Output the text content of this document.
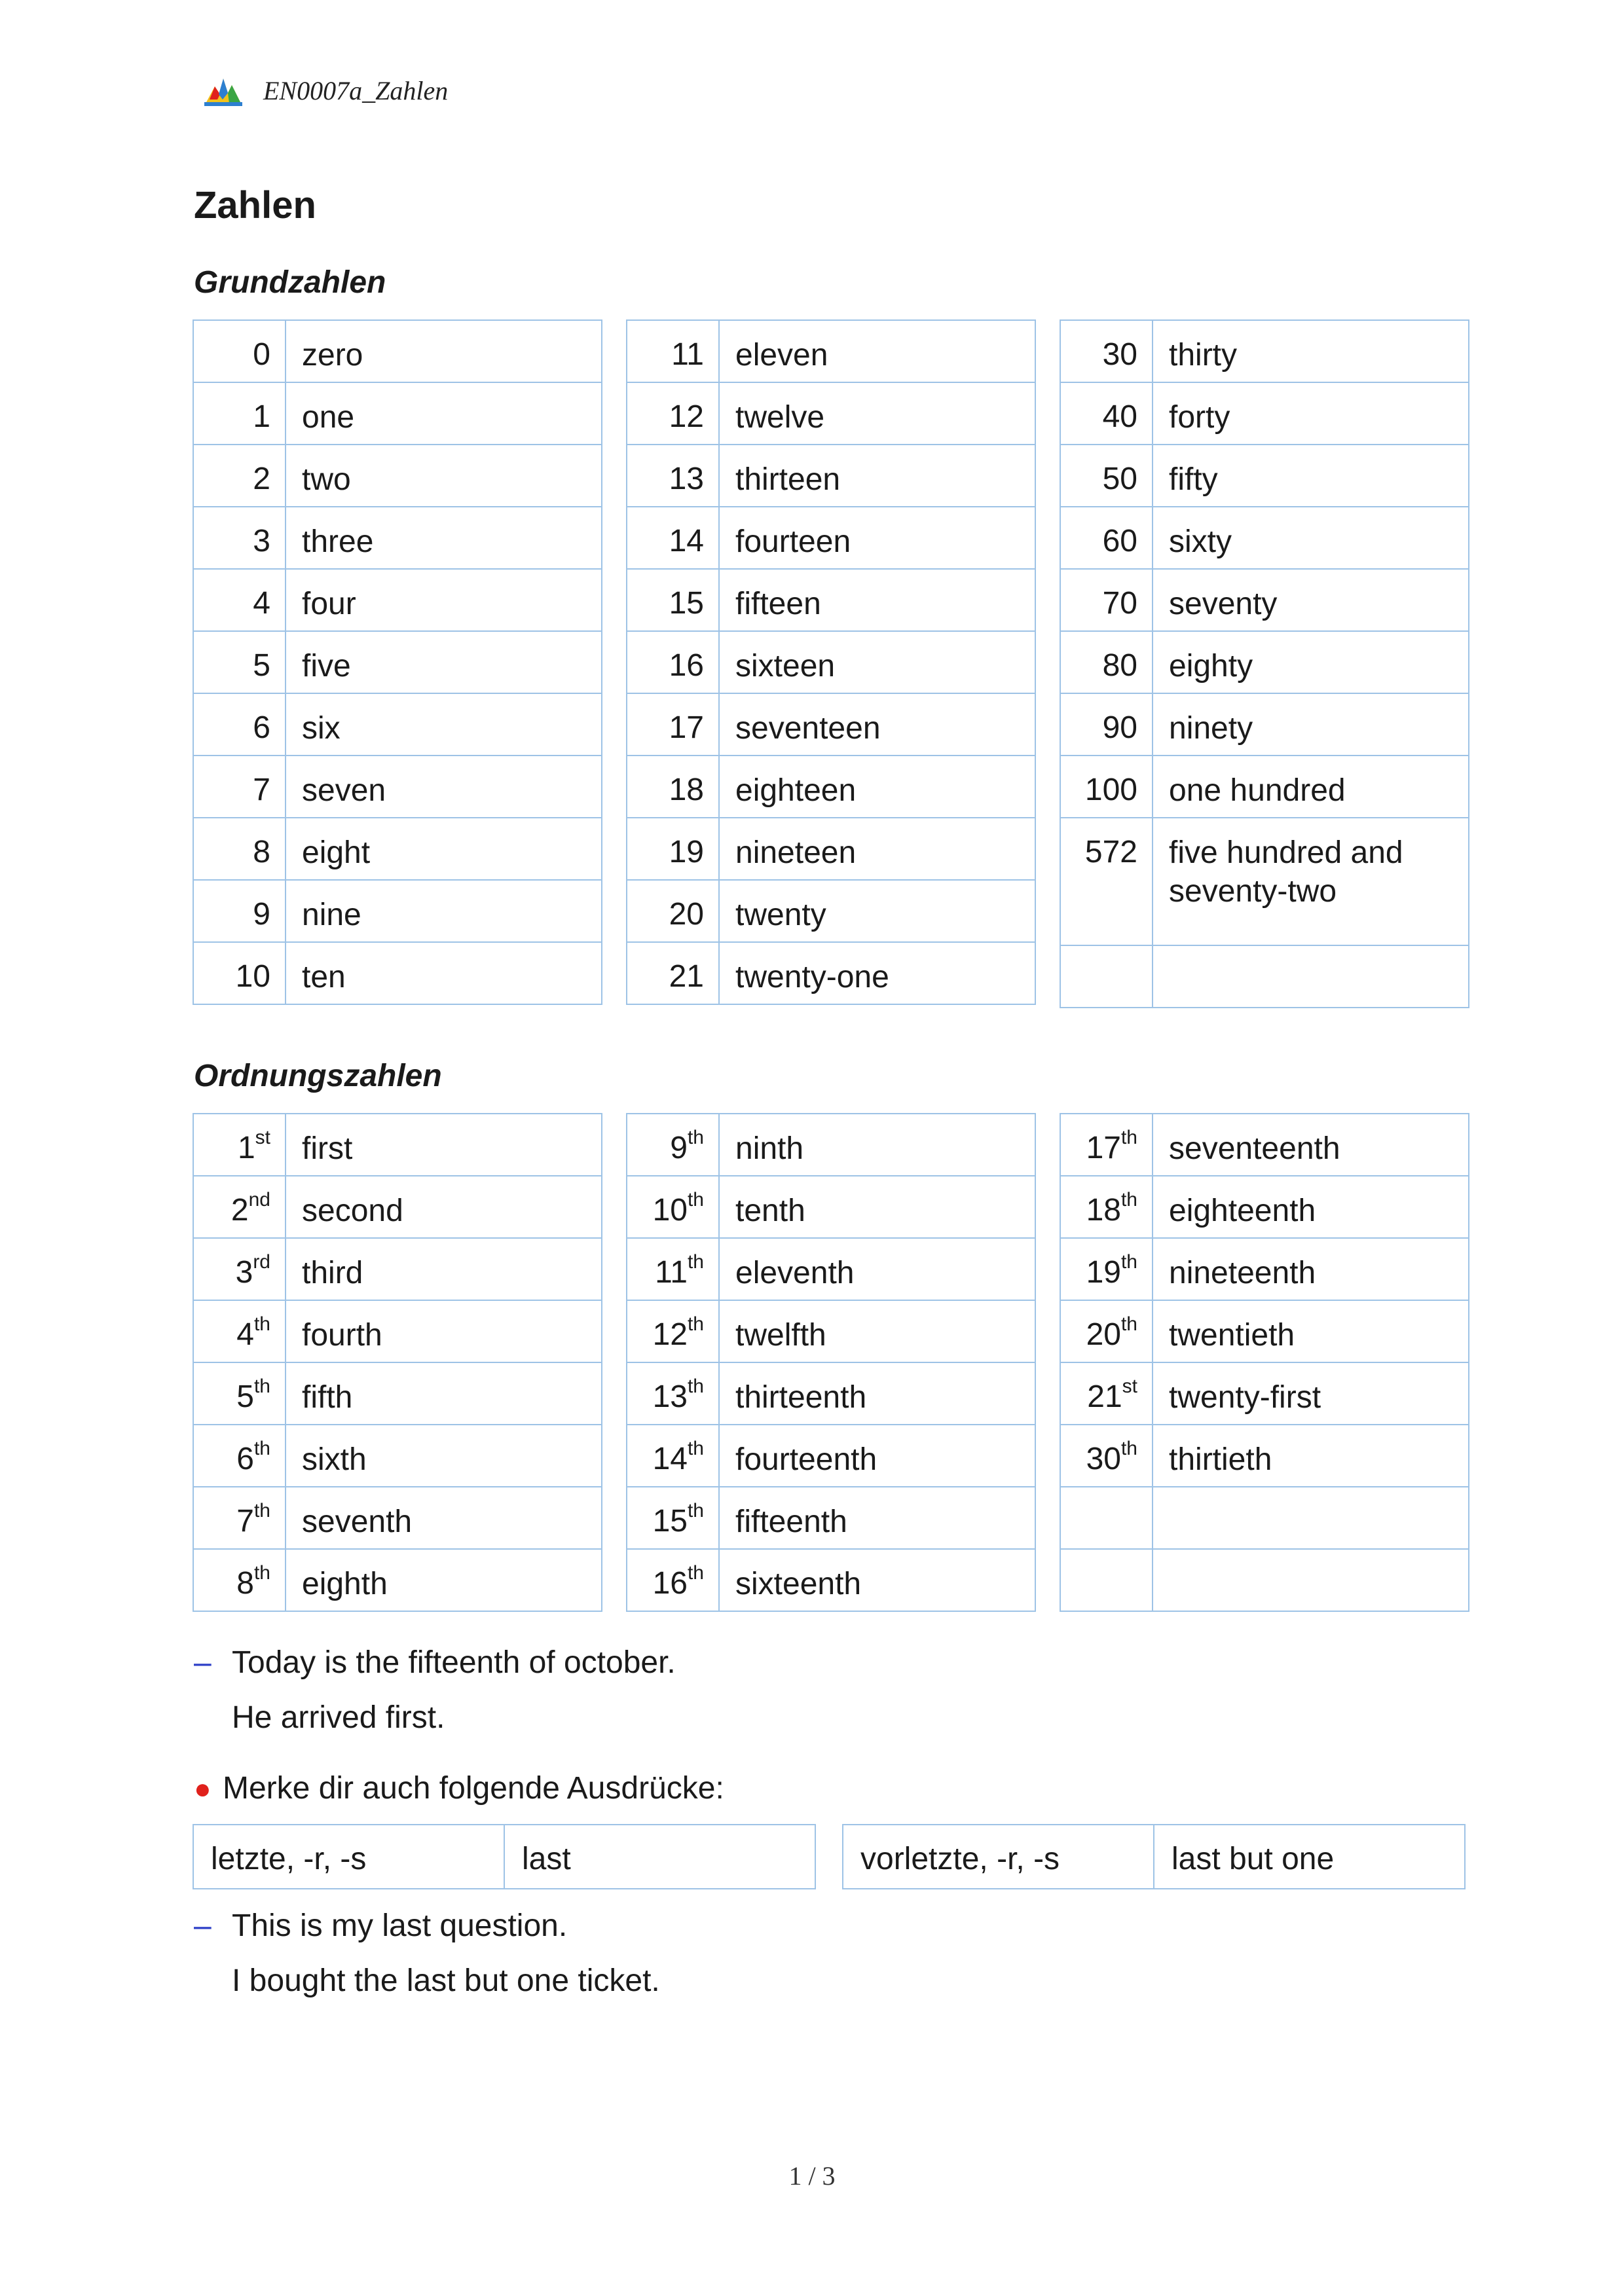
EN0007a_Zahlen
Zahlen
Grundzahlen
0	zero
1	one
2	two
3	three
4	four
5	five
6	six
7	seven
8	eight
9	nine
10	ten
11	eleven
12	twelve
13	thirteen
14	fourteen
15	fifteen
16	sixteen
17	seventeen
18	eighteen
19	nineteen
20	twenty
21	twenty-one
30	thirty
40	forty
50	fifty
60	sixty
70	seventy
80	eighty
90	ninety
100	one hundred
572	five hundred and seventy-two

Ordnungszahlen
1st	first
2nd	second
3rd	third
4th	fourth
5th	fifth
6th	sixth
7th	seventh
8th	eighth
9th	ninth
10th	tenth
11th	eleventh
12th	twelfth
13th	thirteenth
14th	fourteenth
15th	fifteenth
16th	sixteenth
17th	seventeenth
18th	eighteenth
19th	nineteenth
20th	twentieth
21st	twenty-first
30th	thirtieth

– Today is the fifteenth of october.
He arrived first.
● Merke dir auch folgende Ausdrücke:
letzte, -r, -s	last	vorletzte, -r, -s	last but one
– This is my last question.
I bought the last but one ticket.
1 / 3
